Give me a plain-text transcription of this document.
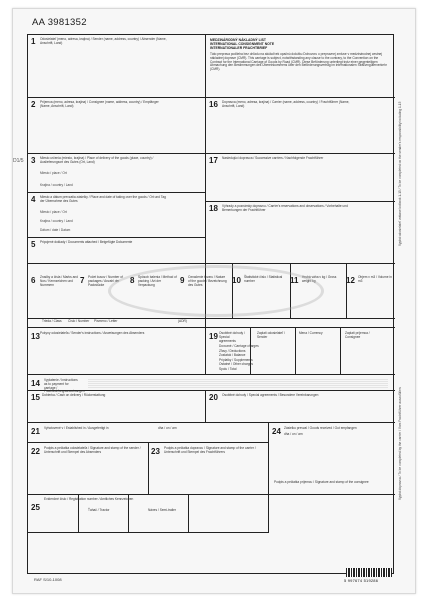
AA 3981352
D1/5
1 Odosielateľ (meno, adresa, krajina) / Sender (name, address, country) / Absender (Name, Anschrift, Land)
MEDZINÁRODNÝ NÁKLADNÝ LIST
INTERNATIONAL CONSIGNMENT NOTE
INTERNATIONALER FRACHTBRIEF
Táto preprava podlieha bez ohľadu na akúkoľvek opačnú doložku Dohovoru o prepravnej zmluve v medzinárodnej cestnej nákladnej doprave (CMR). This carriage is subject, notwithstanding any clause to the contrary, to the Convention on the Contract for the International Carriage of Goods by Road (CMR). Diese Beförderung unterliegt trotz einer gegenteiligen Abmachung den Bestimmungen des Übereinkommens über den Beförderungsvertrag im internationalen Straßengüterverkehr (CMR).
2 Príjemca (meno, adresa, krajina) / Consignee (name, address, country) / Empfänger (Name, Anschrift, Land)	16 Dopravca (meno, adresa, krajina) / Carrier (name, address, country) / Frachtführer (Name, Anschrift, Land)
3 Miesto určenia (miesto, krajina) / Place of delivery of the goods (place, country) / Auslieferungsort des Gutes (Ort, Land)
Miesto / place / Ort
Krajina / country / Land
17 Nasledujúci dopravca / Successive carriers / Nachfolgende Frachtführer
4 Miesto a dátum prevzatia zásielky / Place and date of taking over the goods / Ort und Tag der Übernahme des Gutes
Miesto / place / Ort
Krajina / country / Land
Dátum / date / Datum
18 Výhrady a poznámky dopravcu / Carrier's reservations and observations / Vorbehalte und Bemerkungen der Frachtführer
5 Pripojené doklady / Documents attached / Beigefügte Dokumente
6 Značky a čísla / Marks and Nos / Kennzeichen und Nummern	7 Počet kusov / Number of packages / Anzahl der Packstücke	8 Spôsob balenia / Method of packing / Art der Verpackung	9 Označenie tovaru / Nature of the goods / Bezeichnung des Gutes	10 Štatistické číslo / Statistical number	11 Hrubá váha v kg / Gross weight kg	12 Objem v m3 / Volume in m3
Trieda / Class Číslo / Number Písmeno / Letter	(ADR)
13 Pokyny odosielateľa / Sender's instructions / Anweisungen des Absenders	19 Osobitné dohody / Special agreements
Zaplatí odosielateľ / Sender
Mena / Currency	Zaplatí príjemca / Consignee
Dovozné / Carriage charges
Zľavy / Deductions
Zostatok / Balance
Príplatky / Supplements
Ostatné / Other charges
Spolu / Total
14 Vyplatenie / Instructions as to payment for carriage / Frachtzahlungsanweisungen
15 Dobierka / Cash on delivery / Rückerstattung	20 Osobitné dohody / Special agreements / Besondere Vereinbarungen
21 Vyhotovené v / Established in / Ausgefertigt in	dňa / on / am	24 Zásielku prevzal / Goods received / Gut empfangen
dňa / on / am
Podpis a pečiatka príjemcu / Signature and stamp of the consignee
22 Podpis a pečiatka odosielateľa / Signature and stamp of the sender / Unterschrift und Stempel des Absenders	23 Podpis a pečiatka dopravcu / Signature and stamp of the carrier / Unterschrift und Stempel des Frachtführers
25
Evidenčné číslo / Registration number / Amtliches Kennzeichen
Ťahač / Tractor	Náves / Semi-trailer
Vyplní odosielateľ vrátane kolónok 1-15 / To be completed on the sender's responsibility including 1-15
Vyplní dopravca / To be completed by the carrier / Vom Frachtführer auszufüllen
5 997674 519286
RAF S/10-1008
